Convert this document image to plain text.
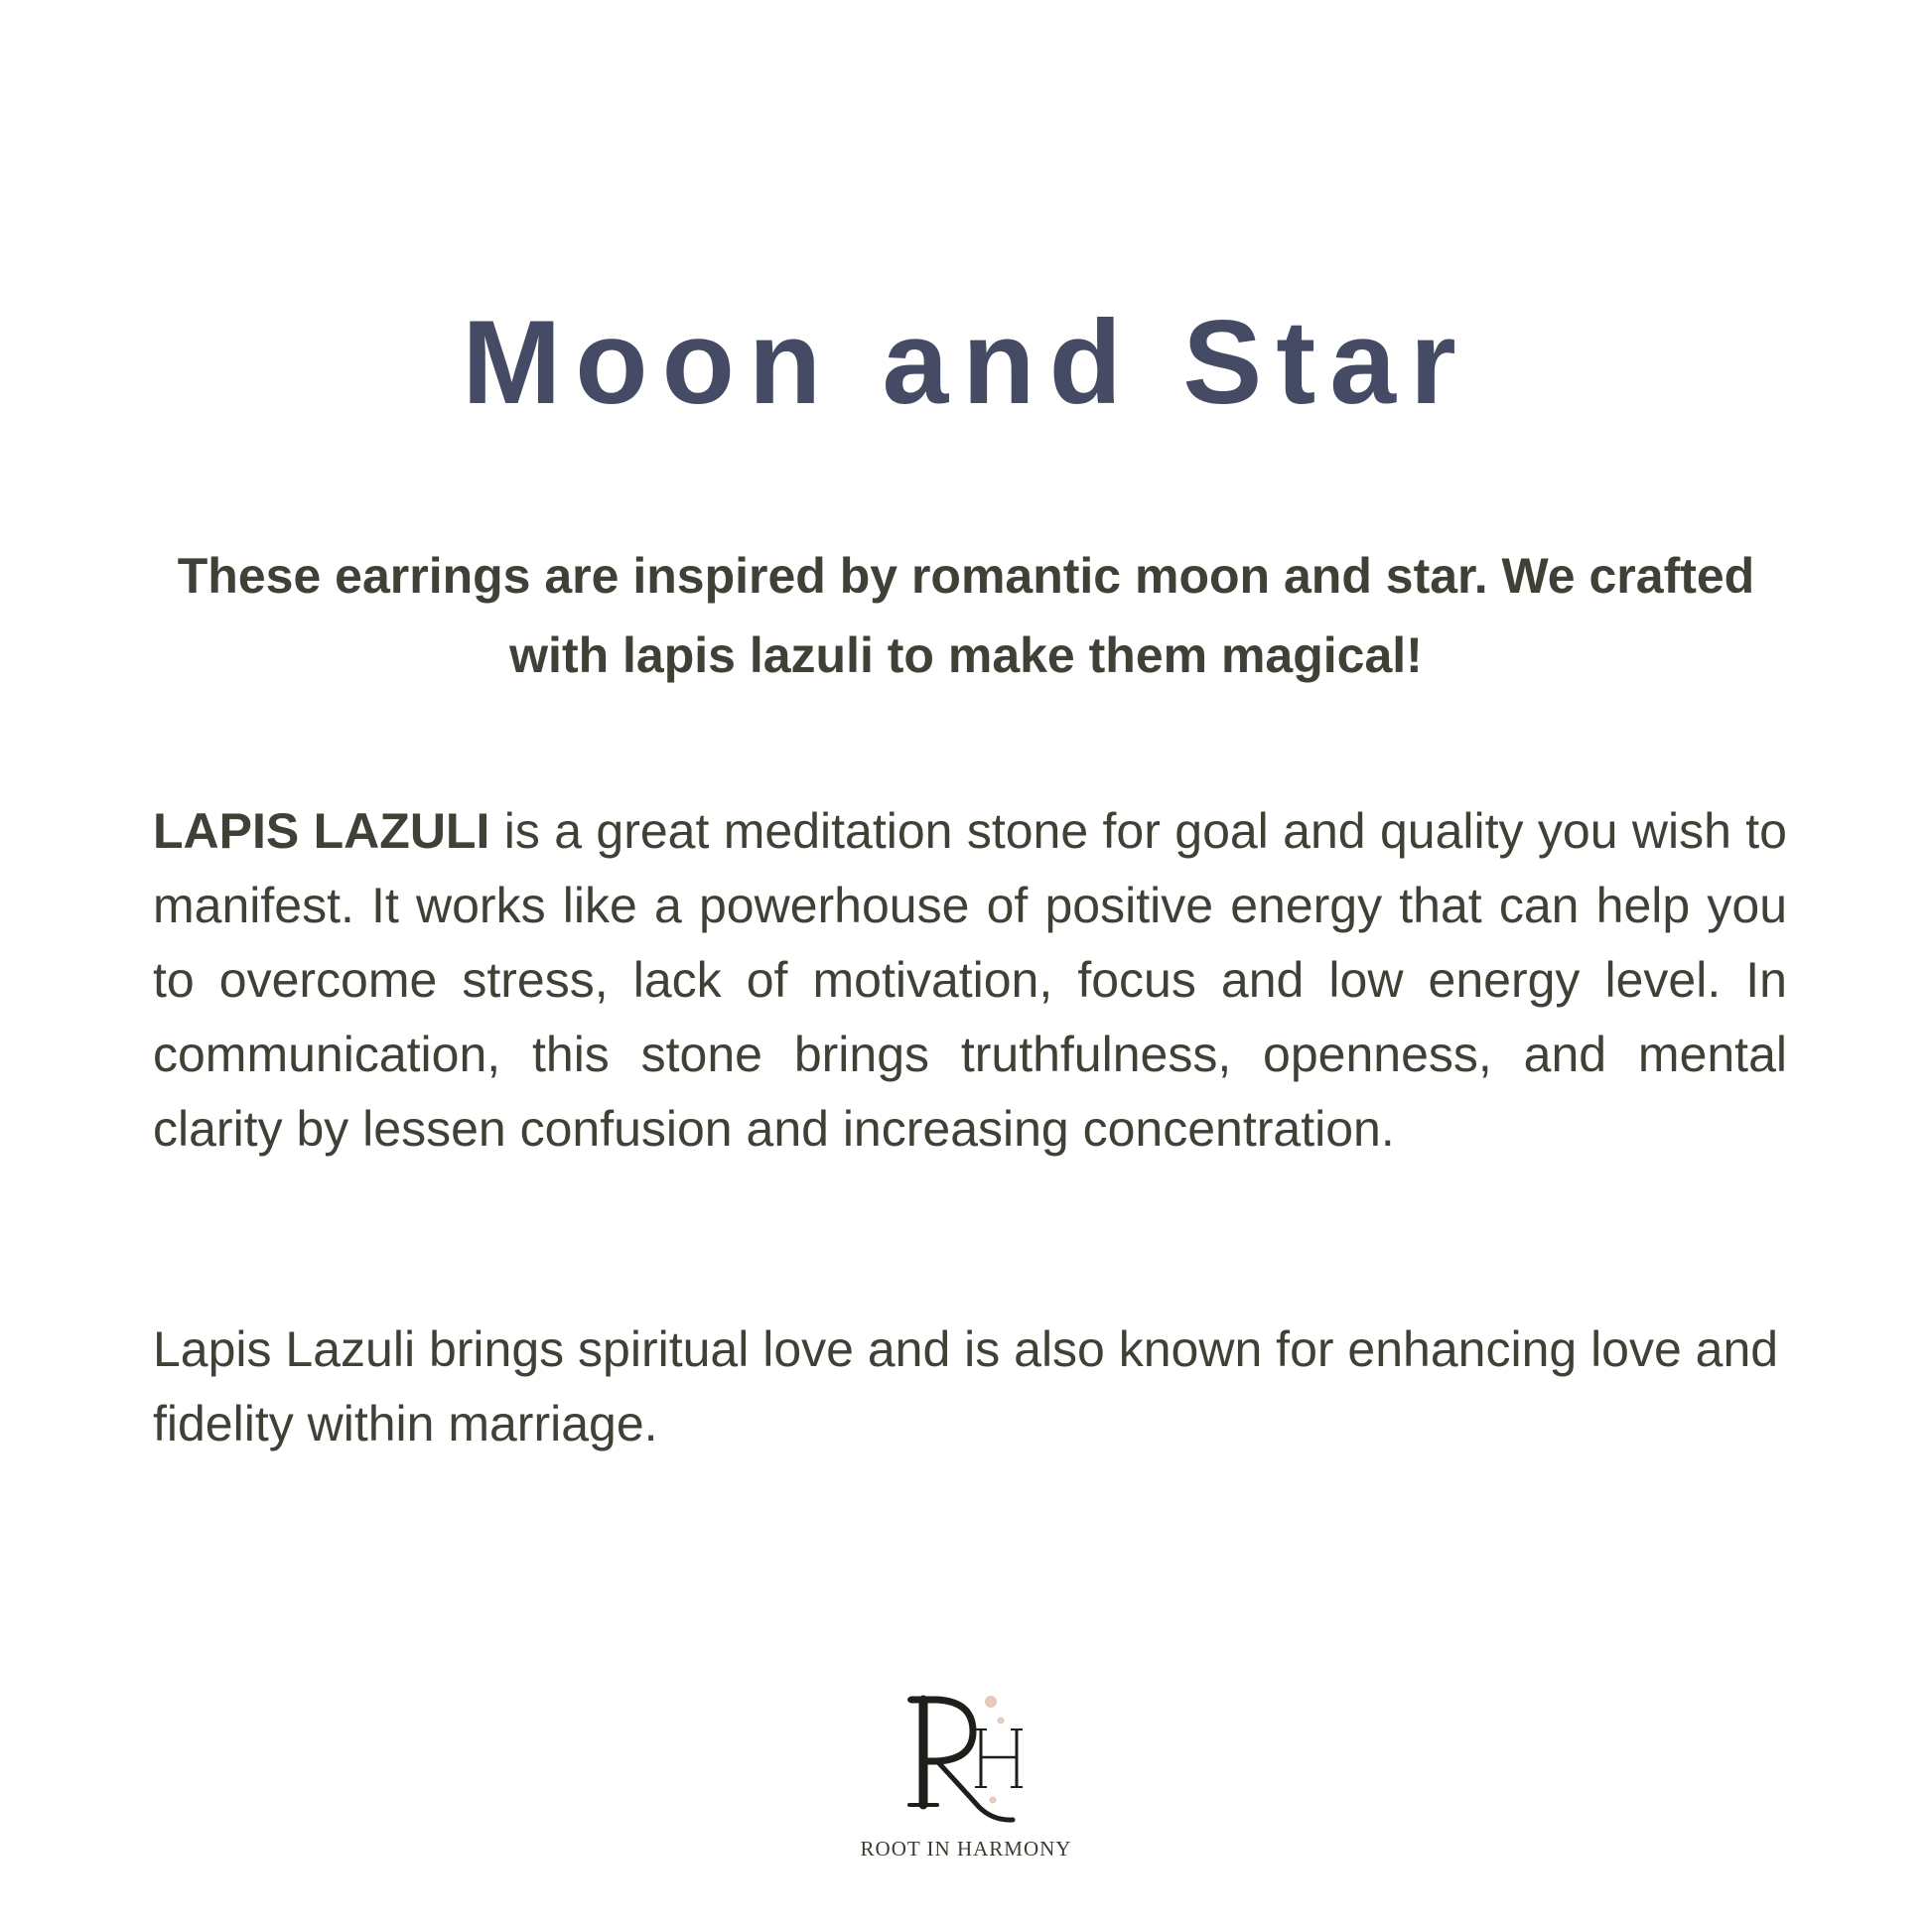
Moon and Star

These earrings are inspired by romantic moon and star. We crafted with lapis lazuli to make them magical!

LAPIS LAZULI is a great meditation stone for goal and quality you wish to manifest. It works like a powerhouse of positive energy that can help you to overcome stress, lack of motivation, focus and low energy level. In communication, this stone brings truthfulness, openness, and mental clarity by lessen confusion and increasing concentration.

Lapis Lazuli brings spiritual love and is also known for enhancing love and fidelity within marriage.

ROOT IN HARMONY
